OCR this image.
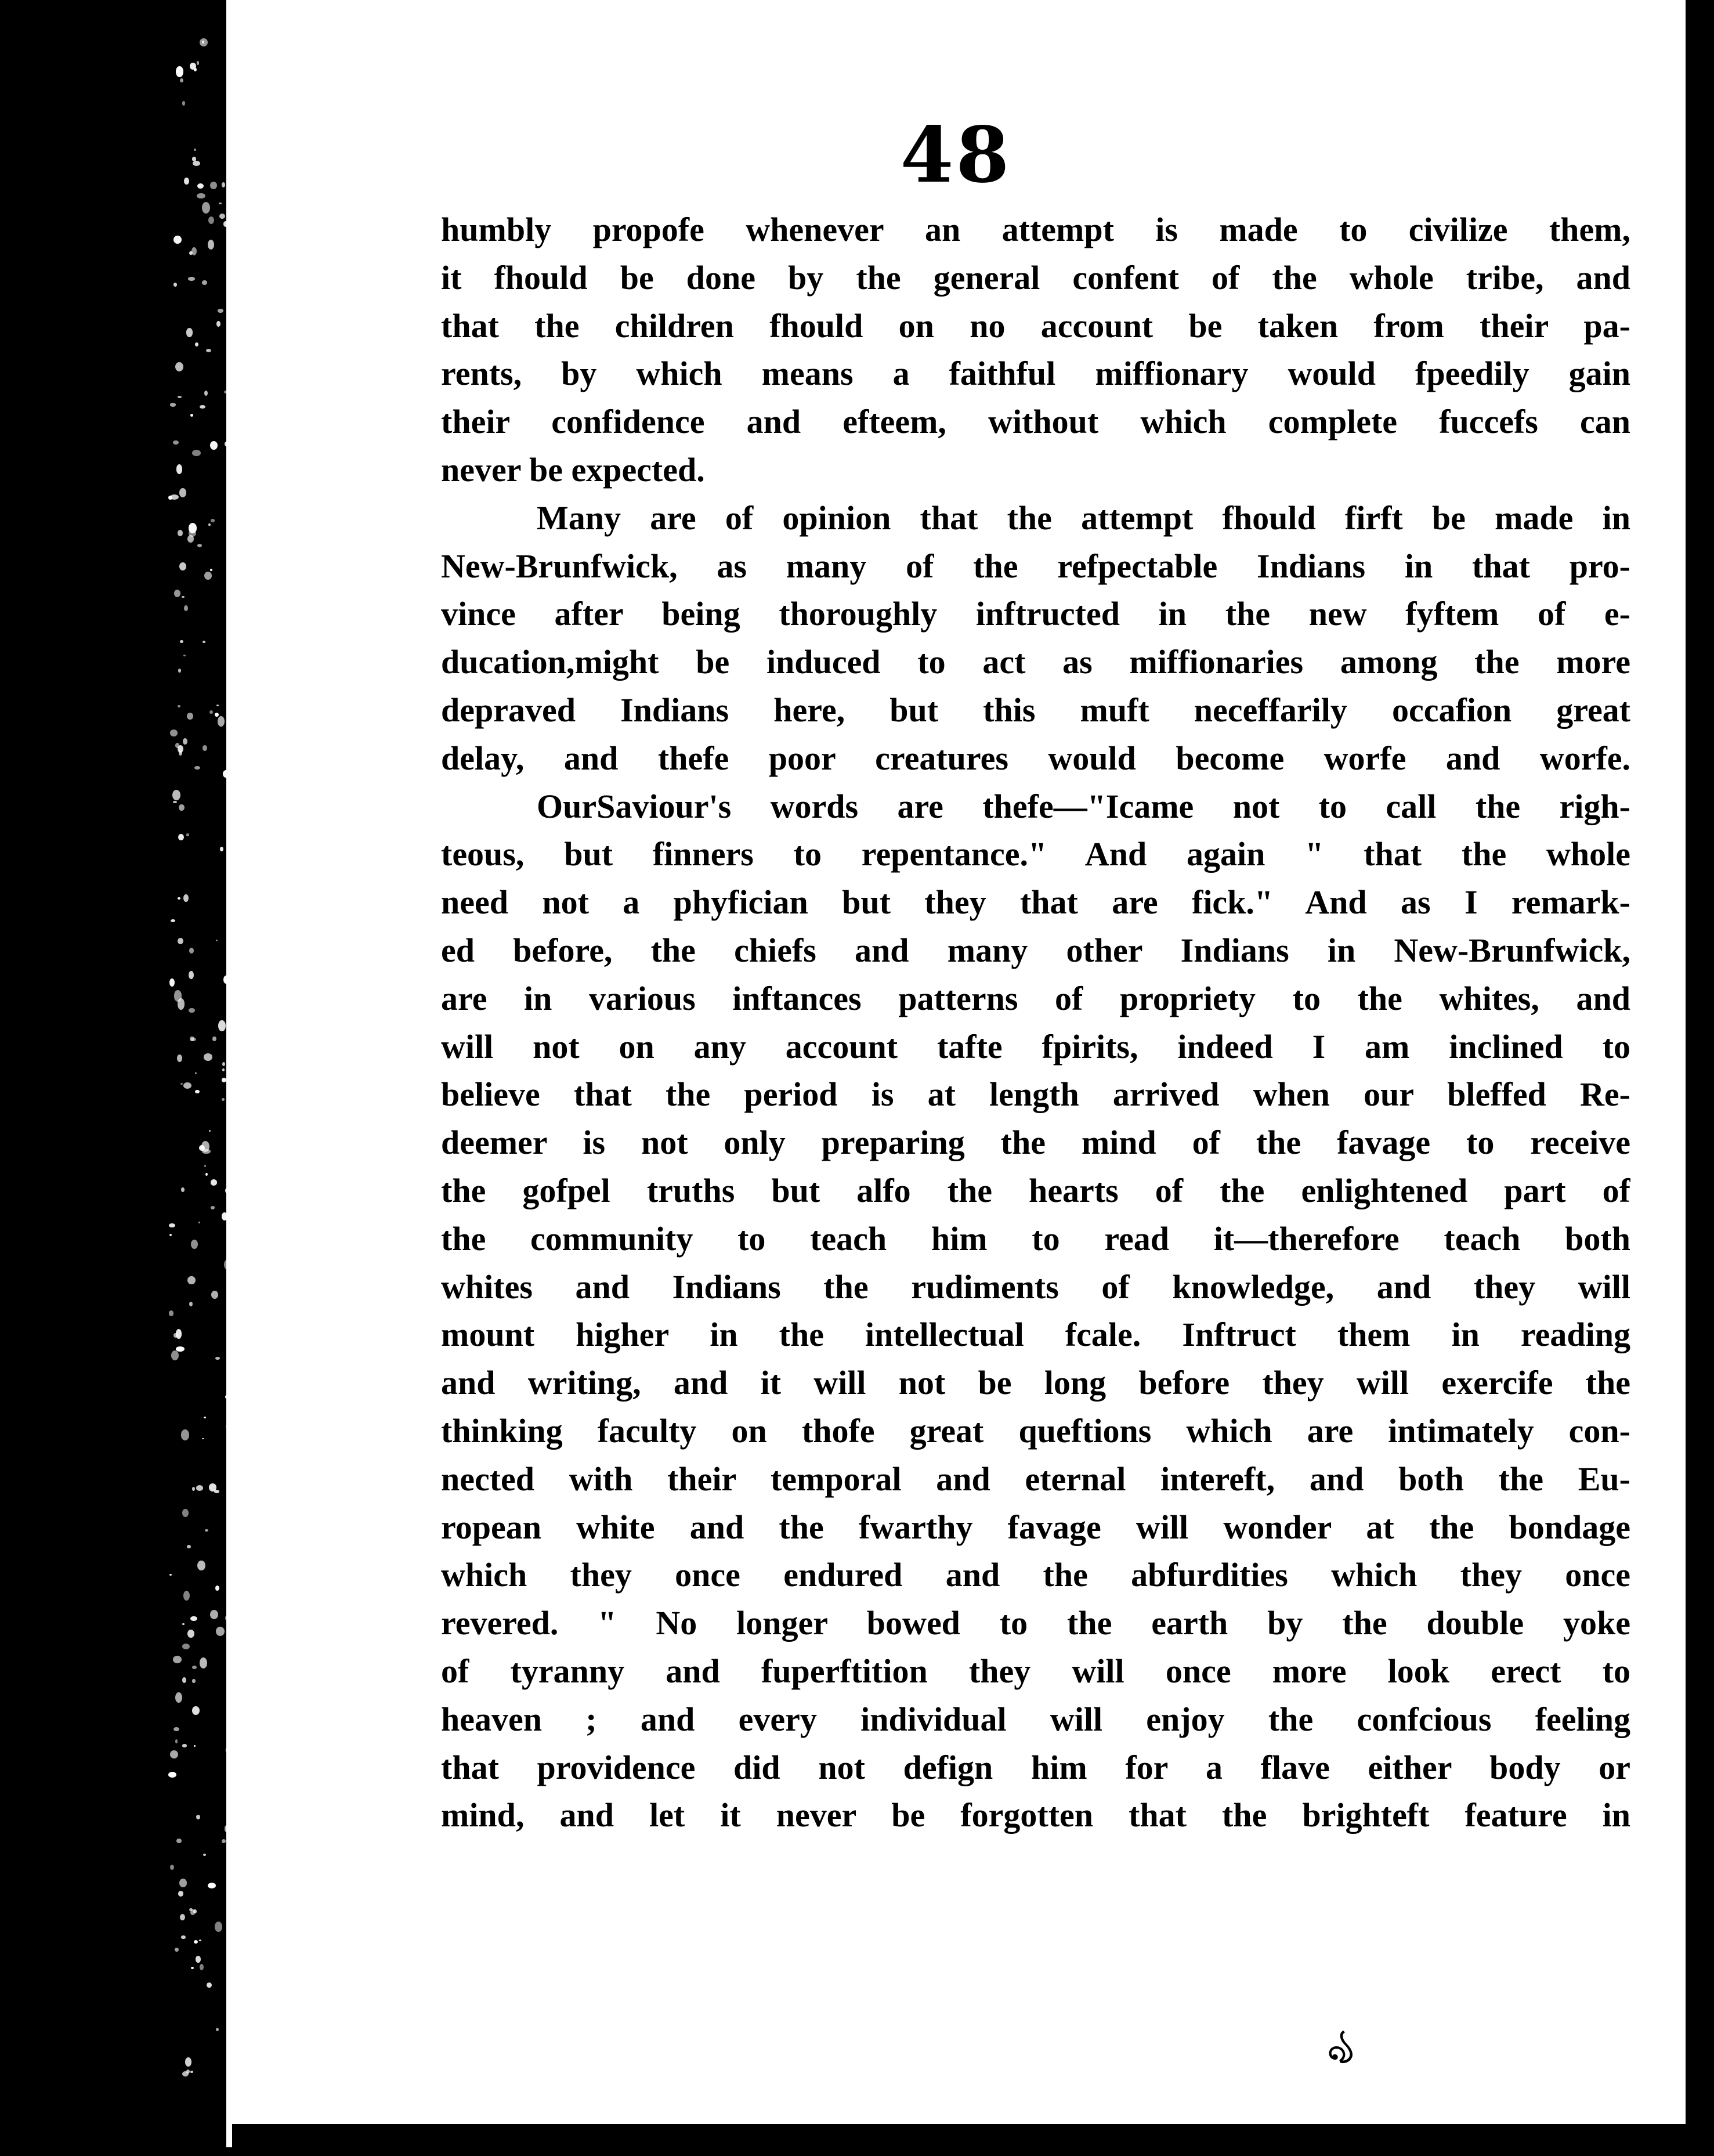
48
humbly propofe whenever an attempt is made to civilize them,
it fhould be done by the general confent of the whole tribe, and
that the children fhould on no account be taken from their pa-
rents, by which means a faithful miffionary would fpeedily gain
their confidence and efteem, without which complete fuccefs can
never be expected.
Many are of opinion that the attempt fhould firft be made in
New-Brunfwick, as many of the refpectable Indians in that pro-
vince after being thoroughly inftructed in the new fyftem of e-
ducation,might be induced to act as miffionaries among the more
depraved Indians here, but this muft neceffarily occafion great
delay, and thefe poor creatures would become worfe and worfe.
OurSaviour's words are thefe—"Icame not to call the righ-
teous, but finners to repentance." And again " that the whole
need not a phyfician but they that are fick." And as I remark-
ed before, the chiefs and many other Indians in New-Brunfwick,
are in various inftances patterns of propriety to the whites, and
will not on any account tafte fpirits, indeed I am inclined to
believe that the period is at length arrived when our bleffed Re-
deemer is not only preparing the mind of the favage to receive
the gofpel truths but alfo the hearts of the enlightened part of
the community to teach him to read it—therefore teach both
whites and Indians the rudiments of knowledge, and they will
mount higher in the intellectual fcale. Inftruct them in reading
and writing, and it will not be long before they will exercife the
thinking faculty on thofe great queftions which are intimately con-
nected with their temporal and eternal intereft, and both the Eu-
ropean white and the fwarthy favage will wonder at the bondage
which they once endured and the abfurdities which they once
revered. " No longer bowed to the earth by the double yoke
of tyranny and fuperftition they will once more look erect to
heaven ; and every individual will enjoy the confcious feeling
that providence did not defign him for a flave either body or
mind, and let it never be forgotten that the brighteft feature in
ঌ
